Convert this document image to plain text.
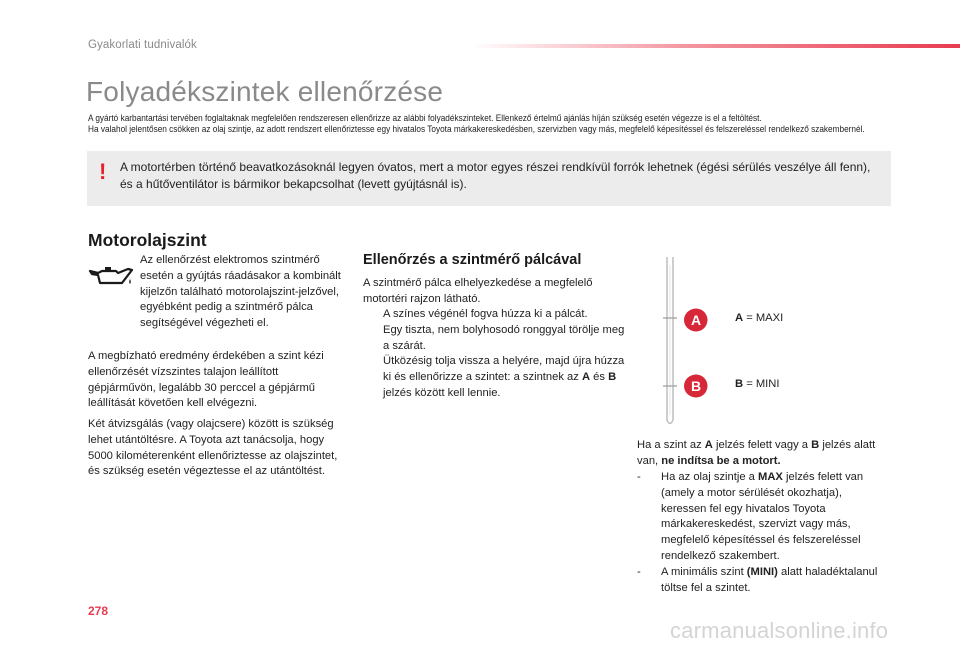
Gyakorlati tudnivalók
Folyadékszintek ellenőrzése
A gyártó karbantartási tervében foglaltaknak megfelelően rendszeresen ellenőrizze az alábbi folyadékszinteket. Ellenkező értelmű ajánlás híján szükség esetén végezze is el a feltöltést.
Ha valahol jelentősen csökken az olaj szintje, az adott rendszert ellenőriztesse egy hivatalos Toyota márkakereskedésben, szervizben vagy más, megfelelő képesítéssel és felszereléssel rendelkező szakembernél.
! A motortérben történő beavatkozásoknál legyen óvatos, mert a motor egyes részei rendkívül forrók lehetnek (égési sérülés veszélye áll fenn), és a hűtőventilátor is bármikor bekapcsolhat (levett gyújtásnál is).
Motorolajszint
Az ellenőrzést elektromos szintmérő esetén a gyújtás ráadásakor a kombinált kijelzőn található motorolajszint-jelzővel, egyébként pedig a szintmérő pálca segítségével végezheti el.
A megbízható eredmény érdekében a szint kézi ellenőrzését vízszintes talajon leállított gépjárművön, legalább 30 perccel a gépjármű leállítását követően kell elvégezni.
Két átvizsgálás (vagy olajcsere) között is szükség lehet utántöltésre. A Toyota azt tanácsolja, hogy 5000 kilométerenként ellenőriztesse az olajszintet, és szükség esetén végeztesse el az utántöltést.
Ellenőrzés a szintmérő pálcával
A szintmérő pálca elhelyezkedése a megfelelő motortéri rajzon látható.
A színes végénél fogva húzza ki a pálcát.
Egy tiszta, nem bolyhosodó ronggyal törölje meg a szárát.
Ütközésig tolja vissza a helyére, majd újra húzza ki és ellenőrizze a szintet: a szintnek az A és B jelzés között kell lennie.
A
B
A = MAXI
B = MINI
Ha a szint az A jelzés felett vagy a B jelzés alatt van, ne indítsa be a motort.
- Ha az olaj szintje a MAX jelzés felett van (amely a motor sérülését okozhatja), keressen fel egy hivatalos Toyota márkakereskedést, szervizt vagy más, megfelelő képesítéssel és felszereléssel rendelkező szakembert.
- A minimális szint (MINI) alatt haladéktalanul töltse fel a szintet.
278
carmanualsonline.info
